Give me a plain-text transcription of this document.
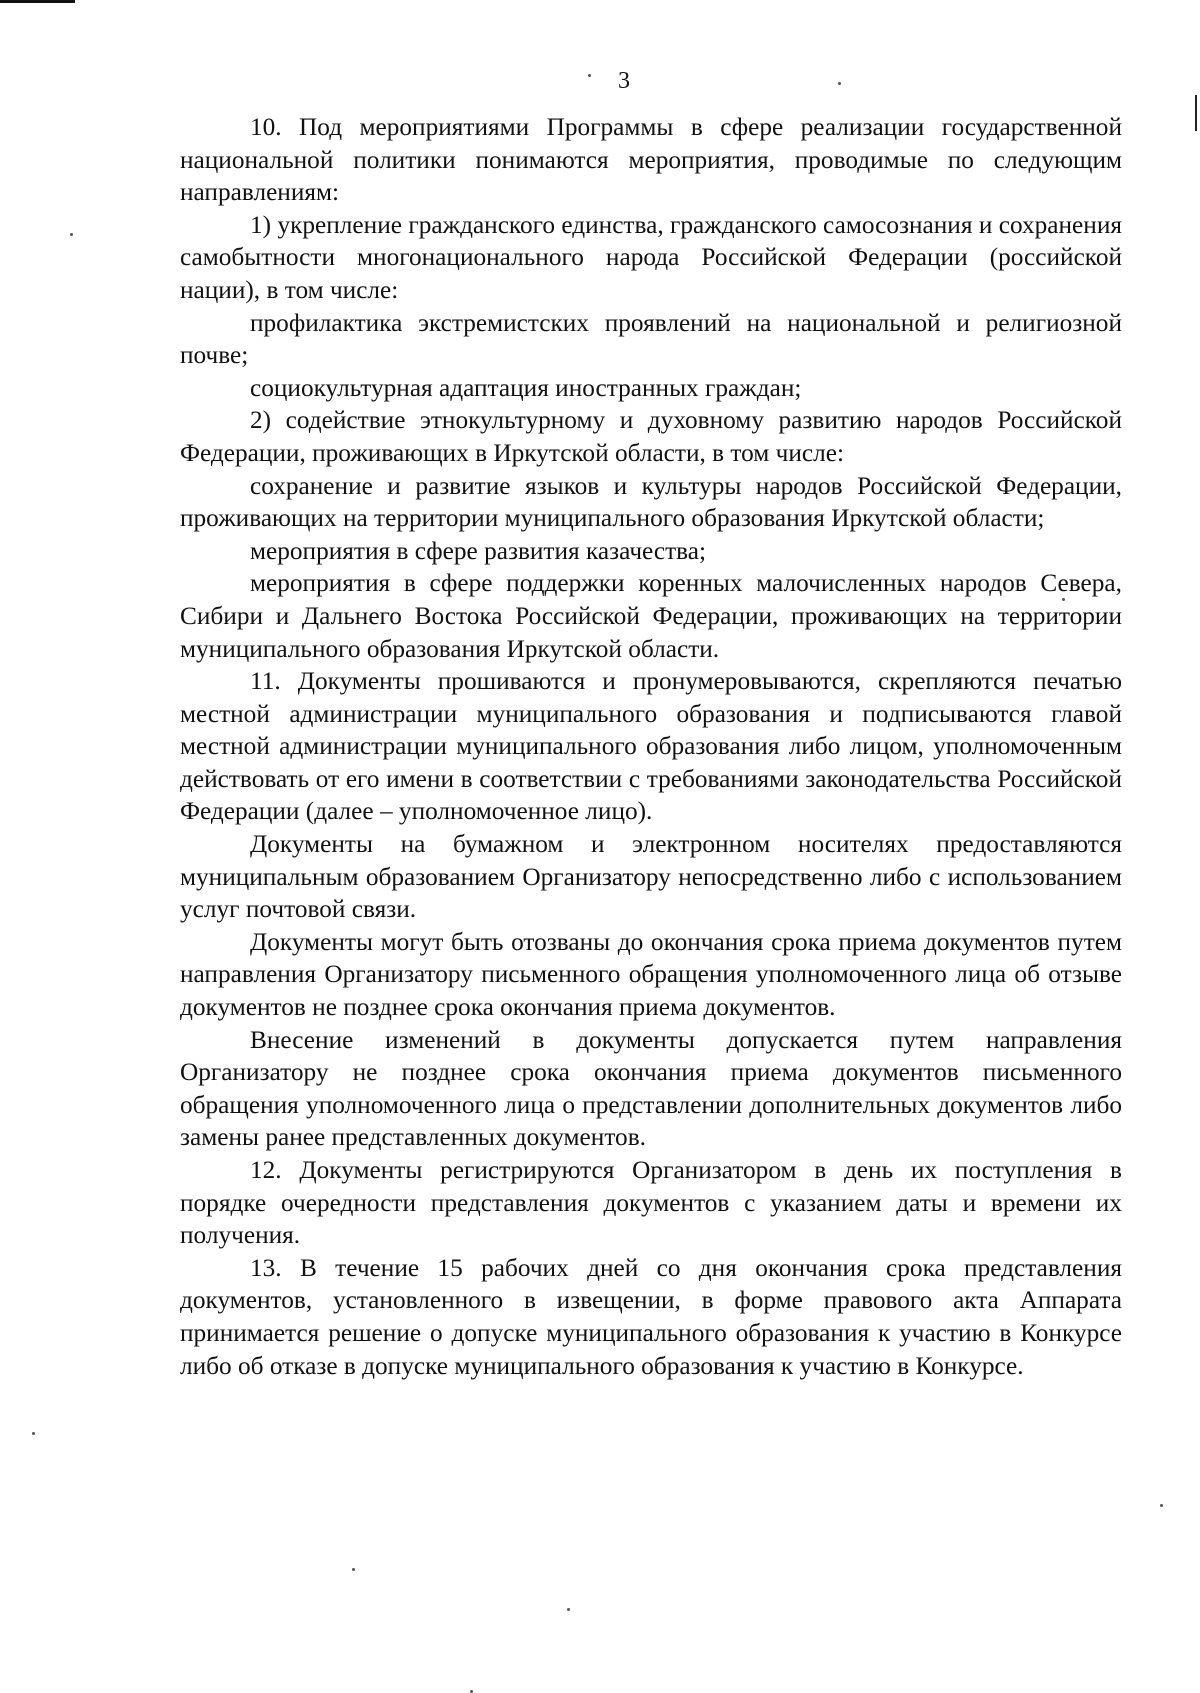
3

10. Под мероприятиями Программы в сфере реализации государственной национальной политики понимаются мероприятия, проводимые по следующим направлениям:

1) укрепление гражданского единства, гражданского самосознания и сохранения самобытности многонационального народа Российской Федерации (российской нации), в том числе:

профилактика экстремистских проявлений на национальной и религиозной почве;

социокультурная адаптация иностранных граждан;

2) содействие этнокультурному и духовному развитию народов Российской Федерации, проживающих в Иркутской области, в том числе:

сохранение и развитие языков и культуры народов Российской Федерации, проживающих на территории муниципального образования Иркутской области;

мероприятия в сфере развития казачества;

мероприятия в сфере поддержки коренных малочисленных народов Севера, Сибири и Дальнего Востока Российской Федерации, проживающих на территории муниципального образования Иркутской области.

11. Документы прошиваются и пронумеровываются, скрепляются печатью местной администрации муниципального образования и подписываются главой местной администрации муниципального образования либо лицом, уполномоченным действовать от его имени в соответствии с требованиями законодательства Российской Федерации (далее – уполномоченное лицо).

Документы на бумажном и электронном носителях предоставляются муниципальным образованием Организатору непосредственно либо с использованием услуг почтовой связи.

Документы могут быть отозваны до окончания срока приема документов путем направления Организатору письменного обращения уполномоченного лица об отзыве документов не позднее срока окончания приема документов.

Внесение изменений в документы допускается путем направления Организатору не позднее срока окончания приема документов письменного обращения уполномоченного лица о представлении дополнительных документов либо замены ранее представленных документов.

12. Документы регистрируются Организатором в день их поступления в порядке очередности представления документов с указанием даты и времени их получения.

13. В течение 15 рабочих дней со дня окончания срока представления документов, установленного в извещении, в форме правового акта Аппарата принимается решение о допуске муниципального образования к участию в Конкурсе либо об отказе в допуске муниципального образования к участию в Конкурсе.
